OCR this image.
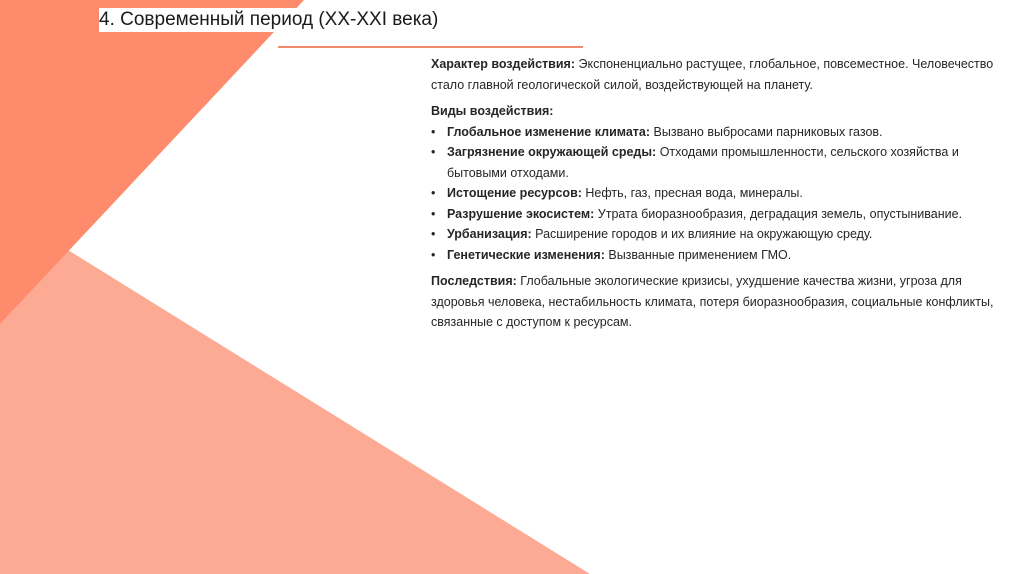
4. Современный период (XX-XXI века)

Характер воздействия: Экспоненциально растущее, глобальное, повсеместное. Человечество стало главной геологической силой, воздействующей на планету.

Виды воздействия:
• Глобальное изменение климата: Вызвано выбросами парниковых газов.
• Загрязнение окружающей среды: Отходами промышленности, сельского хозяйства и бытовыми отходами.
• Истощение ресурсов: Нефть, газ, пресная вода, минералы.
• Разрушение экосистем: Утрата биоразнообразия, деградация земель, опустынивание.
• Урбанизация: Расширение городов и их влияние на окружающую среду.
• Генетические изменения: Вызванные применением ГМО.

Последствия: Глобальные экологические кризисы, ухудшение качества жизни, угроза для здоровья человека, нестабильность климата, потеря биоразнообразия, социальные конфликты, связанные с доступом к ресурсам.
